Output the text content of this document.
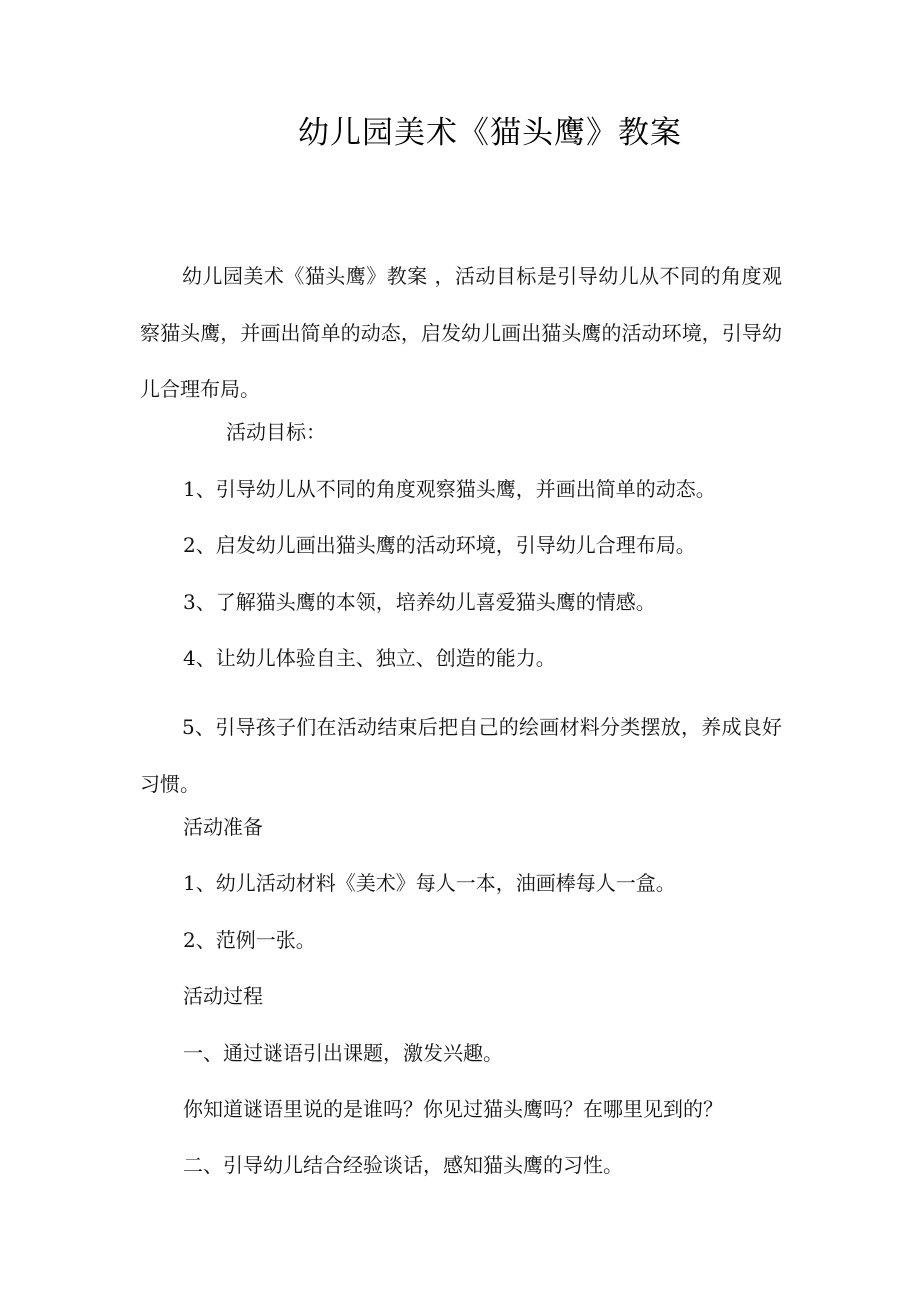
幼儿园美术《猫头鹰》教案

幼儿园美术《猫头鹰》教案 ，活动目标是引导幼儿从不同的角度观察猫头鹰，并画出简单的动态，启发幼儿画出猫头鹰的活动环境，引导幼儿合理布局。

活动目标：
1、引导幼儿从不同的角度观察猫头鹰，并画出简单的动态。
2、启发幼儿画出猫头鹰的活动环境，引导幼儿合理布局。
3、了解猫头鹰的本领，培养幼儿喜爱猫头鹰的情感。
4、让幼儿体验自主、独立、创造的能力。

5、引导孩子们在活动结束后把自己的绘画材料分类摆放，养成良好习惯。

活动准备
1、幼儿活动材料《美术》每人一本，油画棒每人一盒。
2、范例一张。
活动过程
一、通过谜语引出课题，激发兴趣。
你知道谜语里说的是谁吗？你见过猫头鹰吗？在哪里见到的？
二、引导幼儿结合经验谈话，感知猫头鹰的习性。
